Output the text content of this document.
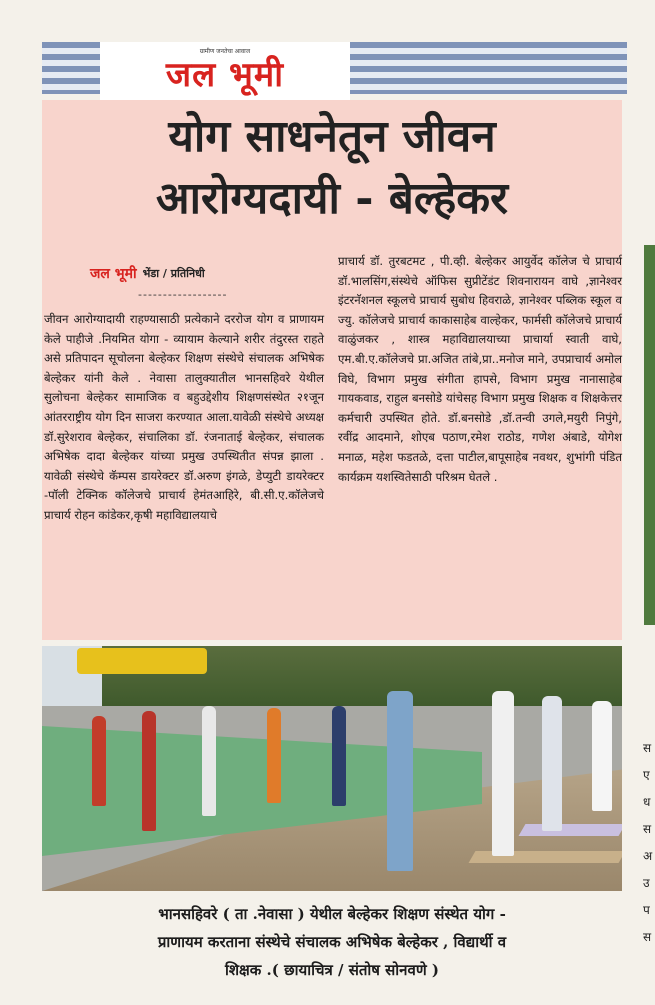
ग्रामीण जनतेचा आवाज
जल भूमी
योग साधनेतून जीवन
आरोग्यदायी - बेल्हेकर
जल भूमी भेंडा / प्रतिनिधी
------------------
जीवन आरोग्यादायी राहण्यासाठी प्रत्येकाने दररोज योग व प्राणायम केले पाहीजे .नियमित योगा - व्यायाम केल्याने शरीर तंदुरस्त राहते असे प्रतिपादन सूचोलना बेल्हेकर शिक्षण संस्थेचे संचालक अभिषेक बेल्हेकर यांनी केले . नेवासा तालुक्यातील भानसहिवरे येथील सुलोचना बेल्हेकर सामाजिक व बहुउद्देशीय शिक्षणसंस्थेत २१जून आंतरराष्ट्रीय योग दिन साजरा करण्यात आला.यावेळी संस्थेचे अध्यक्ष डॉ.सुरेशराव बेल्हेकर, संचालिका डॉ. रंजनाताई बेल्हेकर, संचालक अभिषेक दादा बेल्हेकर यांच्या प्रमुख उपस्थितीत संपन्न झाला . यावेळी संस्थेचे कॅम्पस डायरेक्टर डॉ.अरुण इंगळे, डेप्युटी डायरेक्टर -पॉली टेक्निक कॉलेजचे प्राचार्य हेमंतआहिरे, बी.सी.ए.कॉलेजचे प्राचार्य रोहन कांडेकर,कृषी महाविद्यालयाचे
प्राचार्य डॉ. तुरबटमट , पी.व्ही. बेल्हेकर आयुर्वेद कॉलेज चे प्राचार्य डॉ.भालसिंग,संस्थेचे ऑफिस सुप्रीटेंडंट शिवनारायन वाघे ,ज्ञानेश्वर इंटरनॅशनल स्कूलचे प्राचार्य सुबोध हिवराळे, ज्ञानेश्वर पब्लिक स्कूल व ज्यु. कॉलेजचे प्राचार्य काकासाहेब वाल्हेकर, फार्मसी कॉलेजचे प्राचार्य वाळुंजकर , शास्त्र महाविद्यालयाच्या प्राचार्या स्वाती वाघे, एम.बी.ए.कॉलेजचे प्रा.अजित तांबे,प्रा..मनोज माने, उपप्राचार्य अमोल विघे, विभाग प्रमुख संगीता हापसे, विभाग प्रमुख नानासाहेब गायकवाड, राहुल बनसोडे यांचेसह विभाग प्रमुख शिक्षक व शिक्षकेत्तर कर्मचारी उपस्थित होते. डॉ.बनसोडे ,डॉ.तन्वी उगले,मयुरी निपुंगे, रवींद्र आदमाने, शोएब पठाण,रमेश राठोड, गणेश अंबाडे, योगेश मनाळ, महेश फडतळे, दत्ता पाटील,बापूसाहेब नवथर, शुभांगी पंडित कार्यक्रम यशस्वितेसाठी परिश्रम घेतले .
भानसहिवरे ( ता .नेवासा ) येथील बेल्हेकर शिक्षण संस्थेत योग -
प्राणायम करताना संस्थेचे संचालक अभिषेक बेल्हेकर , विद्यार्थी व
शिक्षक .( छायाचित्र / संतोष सोनवणे )
स
ए
ध
स
अ
उ
प
स
